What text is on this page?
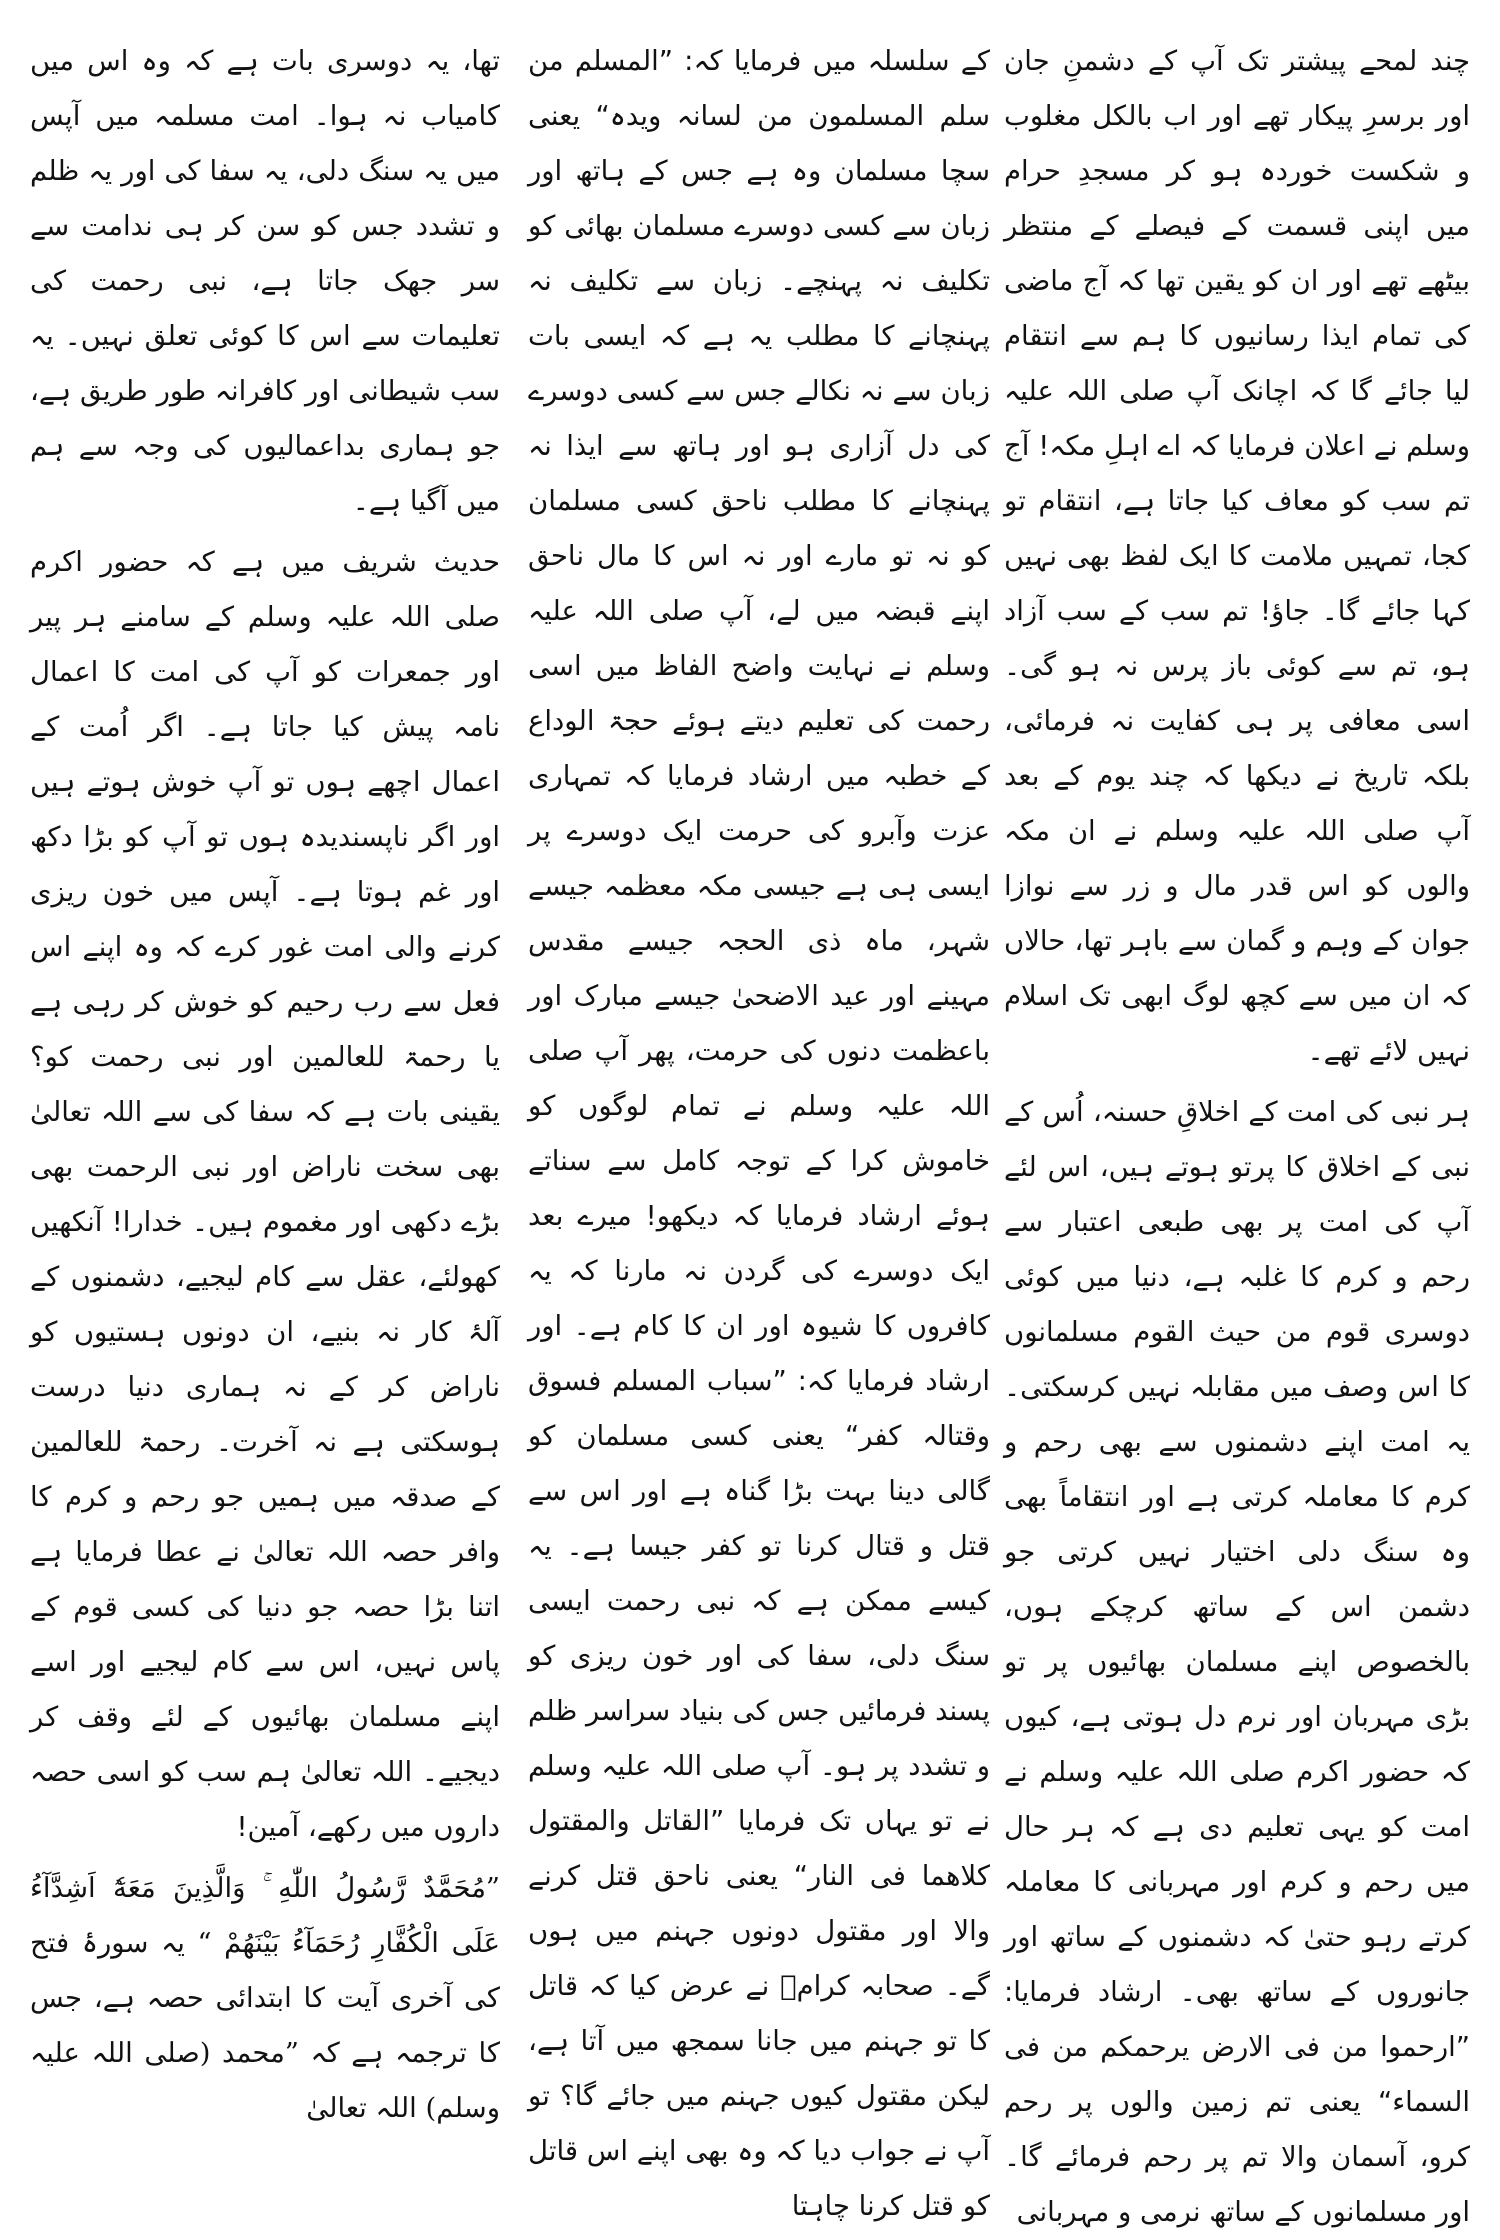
چند لمحے پیشتر تک آپ کے دشمنِ جان اور برسرِ پیکار تھے اور اب بالکل مغلوب و شکست خوردہ ہو کر مسجدِ حرام میں اپنی قسمت کے فیصلے کے منتظر بیٹھے تھے اور ان کو یقین تھا کہ آج ماضی کی تمام ایذا رسانیوں کا ہم سے انتقام لیا جائے گا کہ اچانک آپ صلی اللہ علیہ وسلم نے اعلان فرمایا کہ اے اہلِ مکہ! آج تم سب کو معاف کیا جاتا ہے، انتقام تو کجا، تمہیں ملامت کا ایک لفظ بھی نہیں کہا جائے گا۔ جاؤ! تم سب کے سب آزاد ہو، تم سے کوئی باز پرس نہ ہو گی۔ اسی معافی پر ہی کفایت نہ فرمائی، بلکہ تاریخ نے دیکھا کہ چند یوم کے بعد آپ صلی اللہ علیہ وسلم نے ان مکہ والوں کو اس قدر مال و زر سے نوازا جوان کے وہم و گمان سے باہر تھا، حالاں کہ ان میں سے کچھ لوگ ابھی تک اسلام نہیں لائے تھے۔

ہر نبی کی امت کے اخلاقِ حسنہ، اُس کے نبی کے اخلاق کا پرتو ہوتے ہیں، اس لئے آپ کی امت پر بھی طبعی اعتبار سے رحم و کرم کا غلبہ ہے، دنیا میں کوئی دوسری قوم من حیث القوم مسلمانوں کا اس وصف میں مقابلہ نہیں کرسکتی۔ یہ امت اپنے دشمنوں سے بھی رحم و کرم کا معاملہ کرتی ہے اور انتقاماً بھی وہ سنگ دلی اختیار نہیں کرتی جو دشمن اس کے ساتھ کرچکے ہوں، بالخصوص اپنے مسلمان بھائیوں پر تو بڑی مہربان اور نرم دل ہوتی ہے، کیوں کہ حضور اکرم صلی اللہ علیہ وسلم نے امت کو یہی تعلیم دی ہے کہ ہر حال میں رحم و کرم اور مہربانی کا معاملہ کرتے رہو حتیٰ کہ دشمنوں کے ساتھ اور جانوروں کے ساتھ بھی۔ ارشاد فرمایا: ”ارحموا من فی الارض یرحمکم من فی السماء“ یعنی تم زمین والوں پر رحم کرو، آسمان والا تم پر رحم فرمائے گا۔ اور مسلمانوں کے ساتھ نرمی و مہربانی

کے سلسلہ میں فرمایا کہ: ”المسلم من سلم المسلمون من لسانہ ویدہ“ یعنی سچا مسلمان وہ ہے جس کے ہاتھ اور زبان سے کسی دوسرے مسلمان بھائی کو تکلیف نہ پہنچے۔ زبان سے تکلیف نہ پہنچانے کا مطلب یہ ہے کہ ایسی بات زبان سے نہ نکالے جس سے کسی دوسرے کی دل آزاری ہو اور ہاتھ سے ایذا نہ پہنچانے کا مطلب ناحق کسی مسلمان کو نہ تو مارے اور نہ اس کا مال ناحق اپنے قبضہ میں لے، آپ صلی اللہ علیہ وسلم نے نہایت واضح الفاظ میں اسی رحمت کی تعلیم دیتے ہوئے حجۃ الوداع کے خطبہ میں ارشاد فرمایا کہ تمہاری عزت وآبرو کی حرمت ایک دوسرے پر ایسی ہی ہے جیسی مکہ معظمہ جیسے شہر، ماہ ذی الحجہ جیسے مقدس مہینے اور عید الاضحیٰ جیسے مبارک اور باعظمت دنوں کی حرمت، پھر آپ صلی اللہ علیہ وسلم نے تمام لوگوں کو خاموش کرا کے توجہ کامل سے سناتے ہوئے ارشاد فرمایا کہ دیکھو! میرے بعد ایک دوسرے کی گردن نہ مارنا کہ یہ کافروں کا شیوہ اور ان کا کام ہے۔ اور ارشاد فرمایا کہ: ”سباب المسلم فسوق وقتالہ کفر“ یعنی کسی مسلمان کو گالی دینا بہت بڑا گناہ ہے اور اس سے قتل و قتال کرنا تو کفر جیسا ہے۔ یہ کیسے ممکن ہے کہ نبی رحمت ایسی سنگ دلی، سفا کی اور خون ریزی کو پسند فرمائیں جس کی بنیاد سراسر ظلم و تشدد پر ہو۔ آپ صلی اللہ علیہ وسلم نے تو یہاں تک فرمایا ”القاتل والمقتول کلاھما فی النار“ یعنی ناحق قتل کرنے والا اور مقتول دونوں جہنم میں ہوں گے۔ صحابہ کرامؓ نے عرض کیا کہ قاتل کا تو جہنم میں جانا سمجھ میں آتا ہے، لیکن مقتول کیوں جہنم میں جائے گا؟ تو آپ نے جواب دیا کہ وہ بھی اپنے اس قاتل کو قتل کرنا چاہتا

تھا، یہ دوسری بات ہے کہ وہ اس میں کامیاب نہ ہوا۔ امت مسلمہ میں آپس میں یہ سنگ دلی، یہ سفا کی اور یہ ظلم و تشدد جس کو سن کر ہی ندامت سے سر جھک جاتا ہے، نبی رحمت کی تعلیمات سے اس کا کوئی تعلق نہیں۔ یہ سب شیطانی اور کافرانہ طور طریق ہے، جو ہماری بداعمالیوں کی وجہ سے ہم میں آگیا ہے۔

حدیث شریف میں ہے کہ حضور اکرم صلی اللہ علیہ وسلم کے سامنے ہر پیر اور جمعرات کو آپ کی امت کا اعمال نامہ پیش کیا جاتا ہے۔ اگر اُمت کے اعمال اچھے ہوں تو آپ خوش ہوتے ہیں اور اگر ناپسندیدہ ہوں تو آپ کو بڑا دکھ اور غم ہوتا ہے۔ آپس میں خون ریزی کرنے والی امت غور کرے کہ وہ اپنے اس فعل سے رب رحیم کو خوش کر رہی ہے یا رحمۃ للعالمین اور نبی رحمت کو؟ یقینی بات ہے کہ سفا کی سے اللہ تعالیٰ بھی سخت ناراض اور نبی الرحمت بھی بڑے دکھی اور مغموم ہیں۔ خدارا! آنکھیں کھولئے، عقل سے کام لیجیے، دشمنوں کے آلۂ کار نہ بنیے، ان دونوں ہستیوں کو ناراض کر کے نہ ہماری دنیا درست ہوسکتی ہے نہ آخرت۔ رحمۃ للعالمین کے صدقہ میں ہمیں جو رحم و کرم کا وافر حصہ اللہ تعالیٰ نے عطا فرمایا ہے اتنا بڑا حصہ جو دنیا کی کسی قوم کے پاس نہیں، اس سے کام لیجیے اور اسے اپنے مسلمان بھائیوں کے لئے وقف کر دیجیے۔ اللہ تعالیٰ ہم سب کو اسی حصہ داروں میں رکھے، آمین!

”مُحَمَّدٌ رَّسُولُ اللّٰهِ ۚ وَالَّذِينَ مَعَهٗٓ اَشِدَّآءُ عَلَى الْكُفَّارِ رُحَمَآءُ بَيْنَهُمْ “ یہ سورۂ فتح کی آخری آیت کا ابتدائی حصہ ہے، جس کا ترجمہ ہے کہ ”محمد (صلی اللہ علیہ وسلم) اللہ تعالیٰ
